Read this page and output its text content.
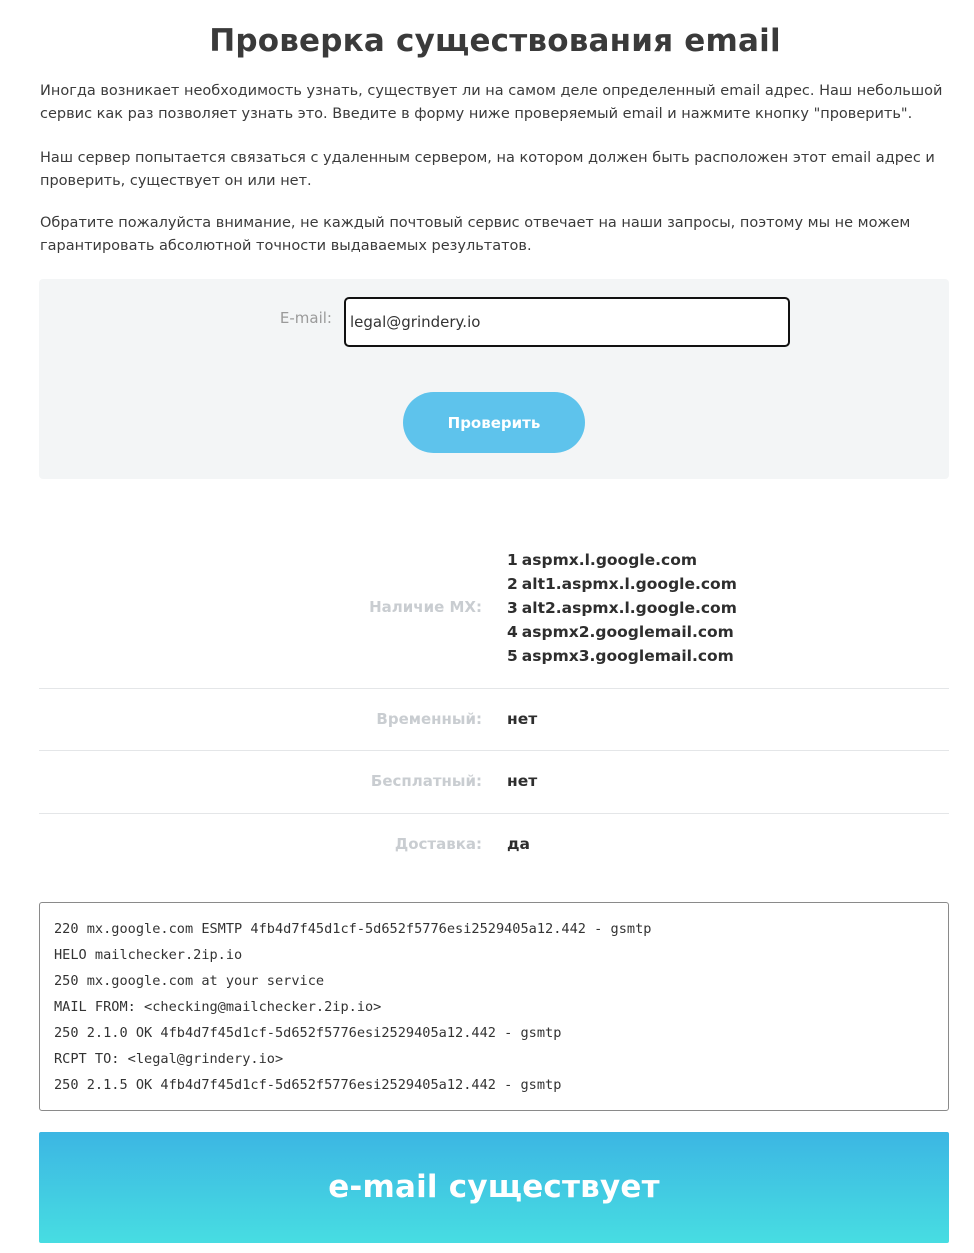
Проверка существования email

Иногда возникает необходимость узнать, существует ли на самом деле определенный email адрес. Наш небольшой сервис как раз позволяет узнать это. Введите в форму ниже проверяемый email и нажмите кнопку "проверить".

Наш сервер попытается связаться с удаленным сервером, на котором должен быть расположен этот email адрес и проверить, существует он или нет.

Обратите пожалуйста внимание, не каждый почтовый сервис отвечает на наши запросы, поэтому мы не можем гарантировать абсолютной точности выдаваемых результатов.

E-mail:
legal@grindery.io
Проверить
Наличие MX:
1 aspmx.l.google.com
2 alt1.aspmx.l.google.com
3 alt2.aspmx.l.google.com
4 aspmx2.googlemail.com
5 aspmx3.googlemail.com
Временный: нет
Бесплатный: нет
Доставка: да
220 mx.google.com ESMTP 4fb4d7f45d1cf-5d652f5776esi2529405a12.442 - gsmtp
HELO mailchecker.2ip.io
250 mx.google.com at your service
MAIL FROM: <checking@mailchecker.2ip.io>
250 2.1.0 OK 4fb4d7f45d1cf-5d652f5776esi2529405a12.442 - gsmtp
RCPT TO: <legal@grindery.io>
250 2.1.5 OK 4fb4d7f45d1cf-5d652f5776esi2529405a12.442 - gsmtp
e-mail существует
